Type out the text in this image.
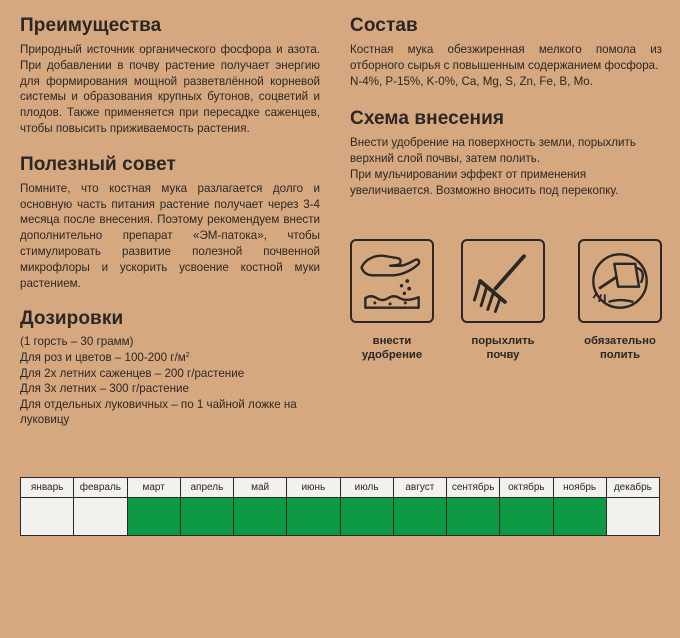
Преимущества

Природный источник органического фосфора и азота. При добавлении в почву растение получает энергию для формирования мощной разветвлённой корневой системы и образования крупных бутонов, соцветий и плодов. Также применяется при пересадке саженцев, чтобы повысить приживаемость растения.

Полезный совет

Помните, что костная мука разлагается долго и основную часть питания растение получает через 3-4 месяца после внесения. Поэтому рекомендуем внести дополнительно препарат «ЭМ-патока», чтобы стимулировать развитие полезной почвенной микрофлоры и ускорить усвоение костной муки растением.

Дозировки
(1 горсть – 30 грамм)
Для роз и цветов – 100-200 $г/м^2$
Для 2х летних саженцев – 200 г/растение
Для 3х летних – 300 г/растение
Для отдельных луковичных – по 1 чайной ложке на луковицу
Состав

Костная мука обезжиренная мелкого помола из отборного сырья с повышенным содержанием фосфора.

N-4%, P-15%, K-0%, Ca, Mg, S, Zn, Fe, B, Mo.
Схема внесения

Внести удобрение на поверхность земли, порыхлить верхний слой почвы, затем полить.

При мульчировании эффект от применения увеличивается. Возможно вносить под перекопку.

внести
удобрение
порыхлить
почву
обязательно
полить
январь	февраль	март	апрель	май	июнь	июль	август	сентябрь	октябрь	ноябрь	декабрь
